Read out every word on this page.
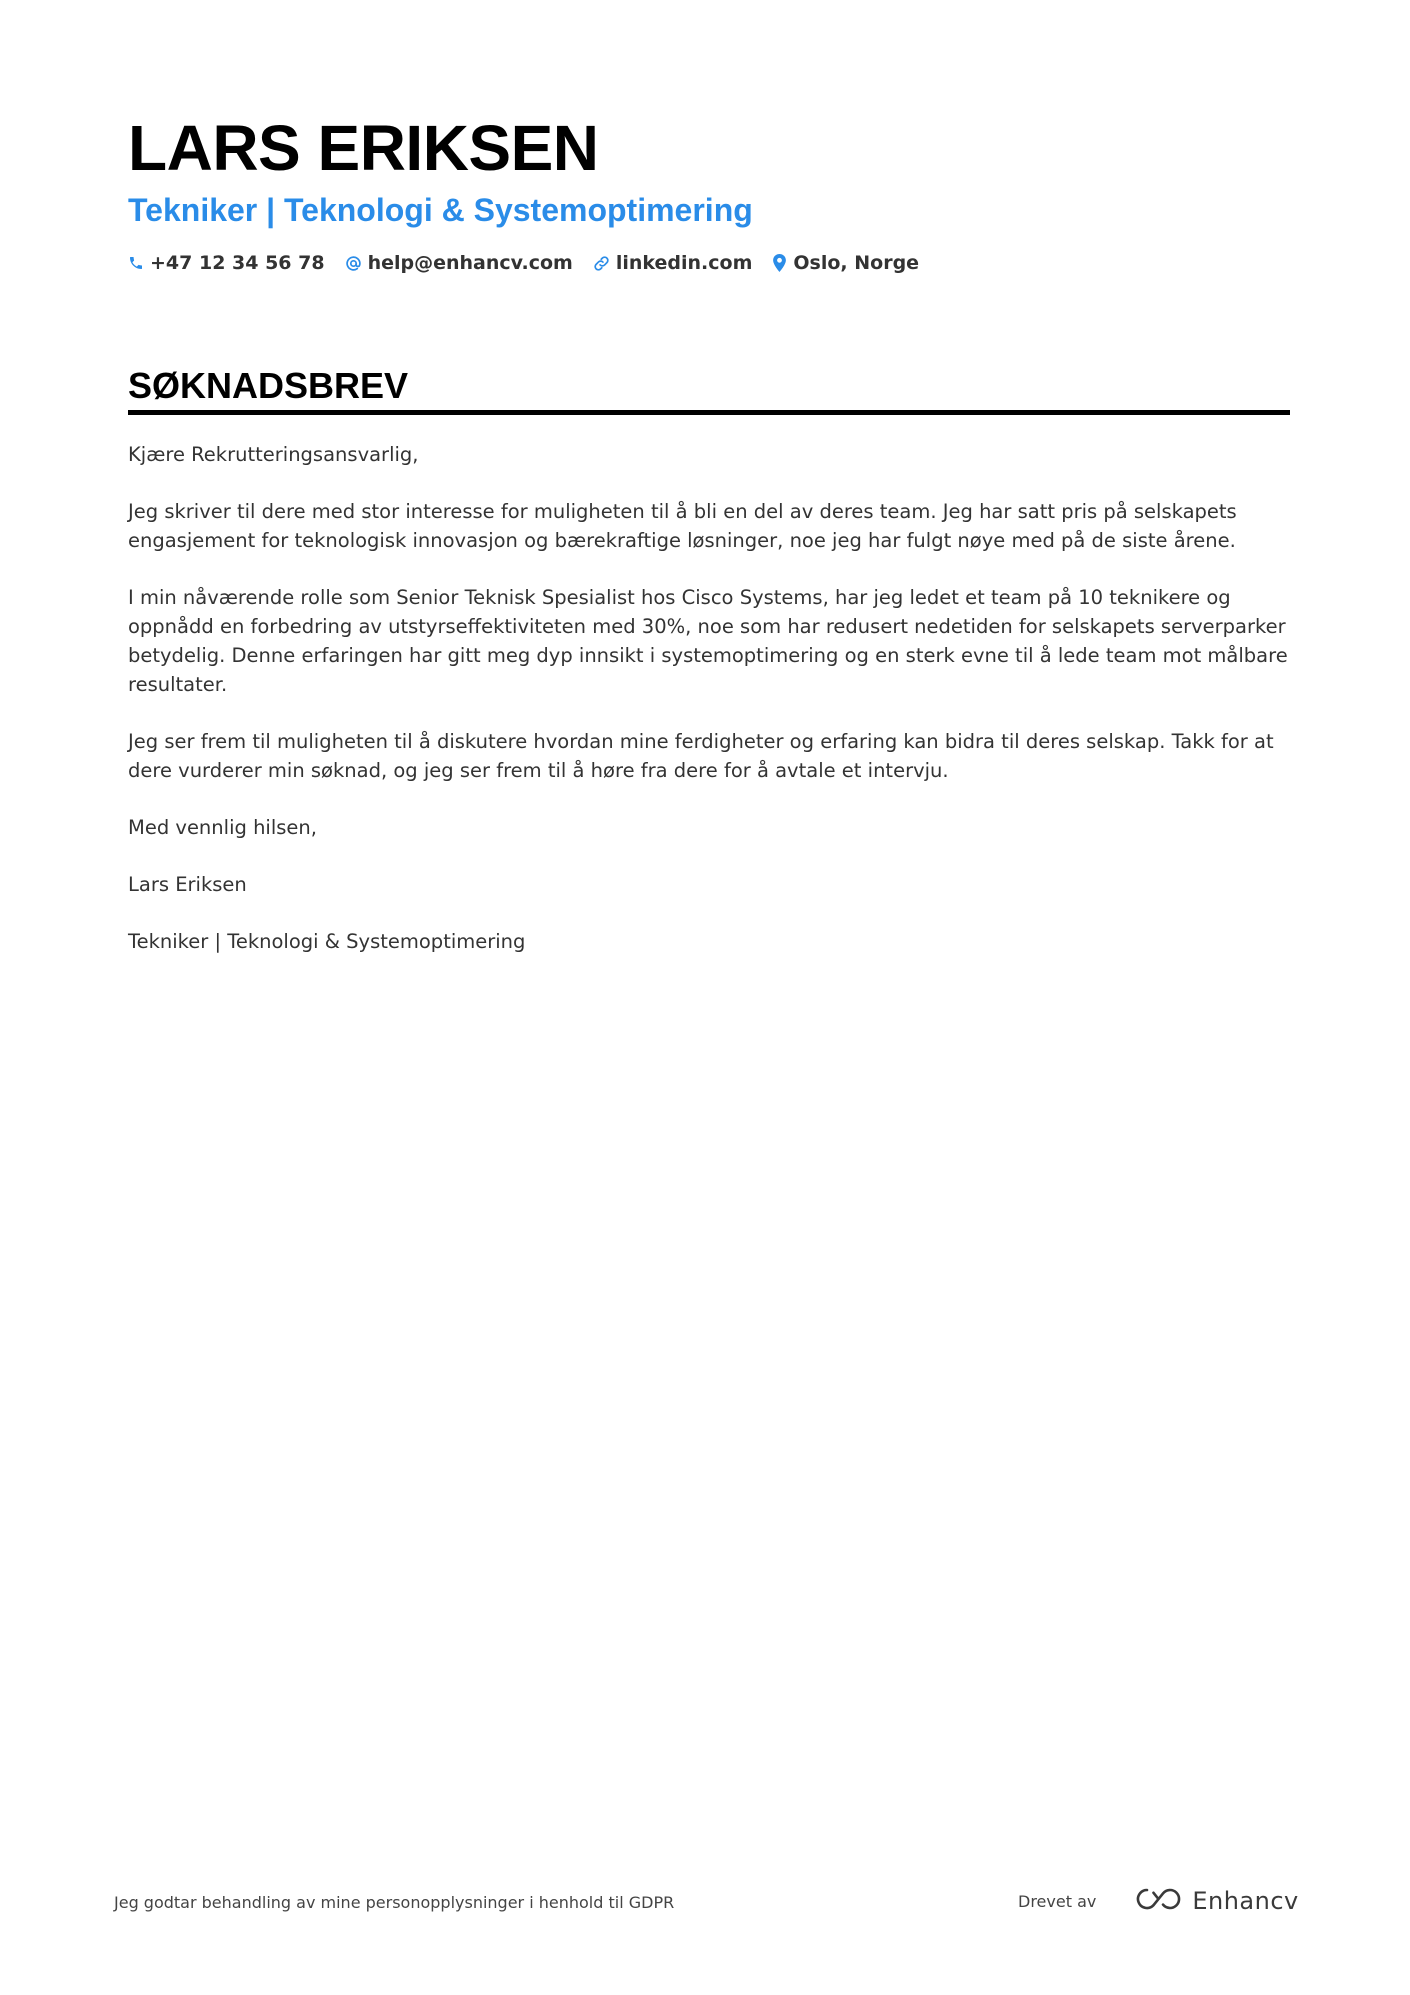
LARS ERIKSEN
Tekniker | Teknologi & Systemoptimering
+47 12 34 56 78 help@enhancv.com linkedin.com Oslo, Norge
SØKNADSBREV

Kjære Rekrutteringsansvarlig,

Jeg skriver til dere med stor interesse for muligheten til å bli en del av deres team. Jeg har satt pris på selskapets engasjement for teknologisk innovasjon og bærekraftige løsninger, noe jeg har fulgt nøye med på de siste årene.

I min nåværende rolle som Senior Teknisk Spesialist hos Cisco Systems, har jeg ledet et team på 10 teknikere og oppnådd en forbedring av utstyrseffektiviteten med 30%, noe som har redusert nedetiden for selskapets serverparker betydelig. Denne erfaringen har gitt meg dyp innsikt i systemoptimering og en sterk evne til å lede team mot målbare resultater.

Jeg ser frem til muligheten til å diskutere hvordan mine ferdigheter og erfaring kan bidra til deres selskap. Takk for at dere vurderer min søknad, og jeg ser frem til å høre fra dere for å avtale et intervju.

Med vennlig hilsen,

Lars Eriksen

Tekniker | Teknologi & Systemoptimering

Jeg godtar behandling av mine personopplysninger i henhold til GDPR	Drevet av	Enhancv
